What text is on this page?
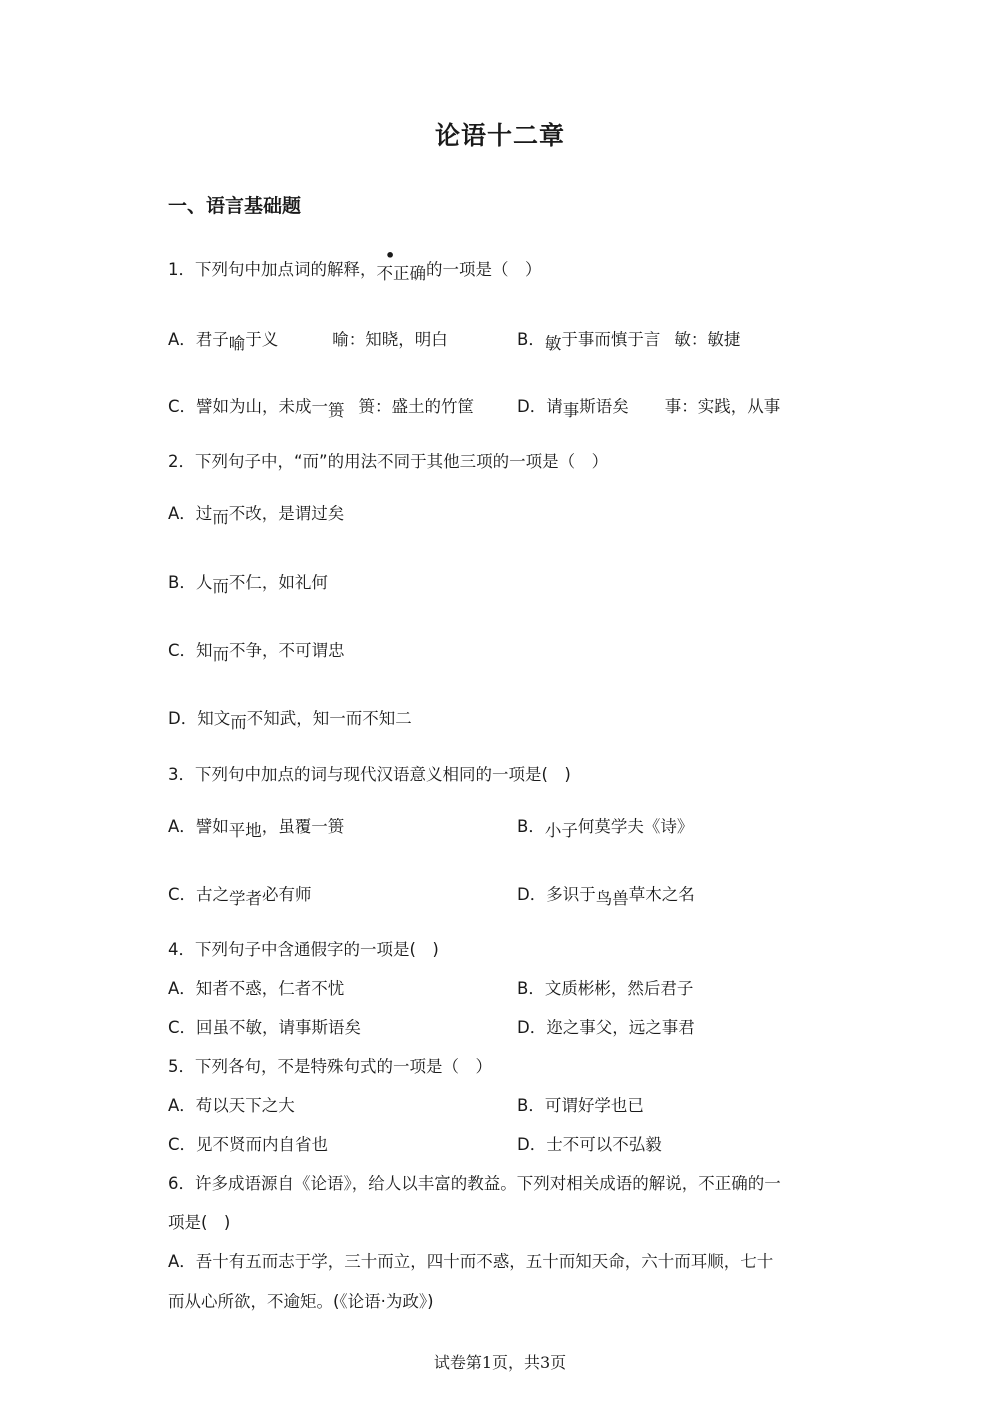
论语十二章
一、语言基础题
•
1．下列句中加点词的解释，不正确的一项是（　）
A．君子喻于义	喻：知晓，明白	B．敏于事而慎于言 敏：敏捷
C．譬如为山，未成一篑 篑：盛土的竹筐	D．请事斯语矣 事：实践，从事
2．下列句子中，“而”的用法不同于其他三项的一项是（　）
A．过而不改，是谓过矣
B．人而不仁，如礼何
C．知而不争，不可谓忠
D．知文而不知武，知一而不知二
3．下列句中加点的词与现代汉语意义相同的一项是(　)
A．譬如平地，虽覆一篑	B．小子何莫学夫《诗》
C．古之学者必有师	D．多识于鸟兽草木之名
4．下列句子中含通假字的一项是(　)
A．知者不惑，仁者不忧	B．文质彬彬，然后君子
C．回虽不敏，请事斯语矣	D．迩之事父，远之事君
5．下列各句，不是特殊句式的一项是（　）
A．苟以天下之大	B．可谓好学也已
C．见不贤而内自省也	D．士不可以不弘毅
6．许多成语源自《论语》，给人以丰富的教益。下列对相关成语的解说，不正确的一
项是(　)
A．吾十有五而志于学，三十而立，四十而不惑，五十而知天命，六十而耳顺，七十
而从心所欲，不逾矩。(《论语·为政》)
试卷第1页，共3页
